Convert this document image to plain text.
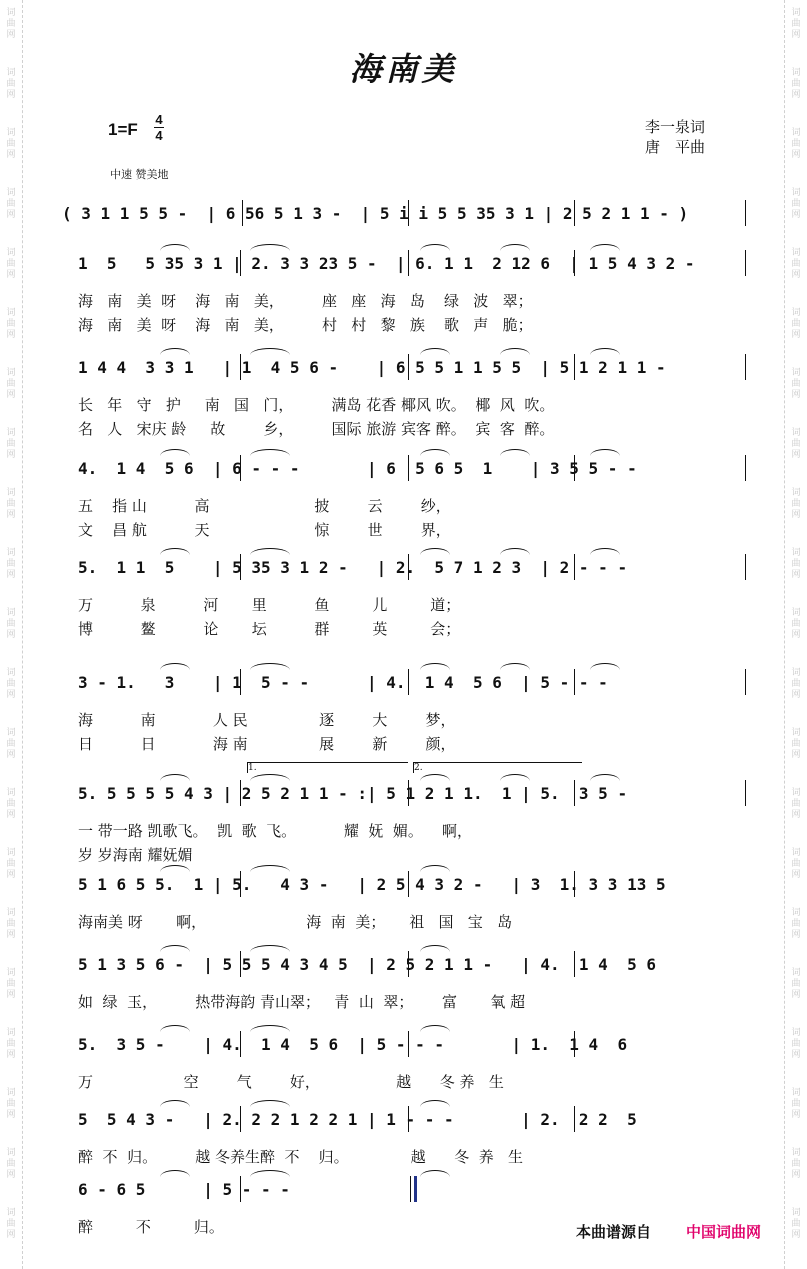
词
曲
网
词
曲
网
词
曲
网
词
曲
网
词
曲
网
词
曲
网
词
曲
网
词
曲
网
词
曲
网
词
曲
网
词
曲
网
词
曲
网
词
曲
网
词
曲
网
词
曲
网
词
曲
网
词
曲
网
词
曲
网
词
曲
网
词
曲
网
词
曲
网
词
曲
网
词
曲
网
词
曲
网
词
曲
网
词
曲
网
词
曲
网
词
曲
网
词
曲
网
词
曲
网
词
曲
网
词
曲
网
词
曲
网
词
曲
网
词
曲
网
词
曲
网
词
曲
网
词
曲
网
词
曲
网
词
曲
网
词
曲
网
词
曲
网
海南美
1=F
4
4	李一泉词
唐　平曲
中速 赞美地
( 3 1 1 5 5 -  | 6 56 5 1 3 -  | 5 i i 5 5 35 3 1 | 2 5 2 1 1 - )
1  5   5 35 3 1 | 2. 3 3 23 5 -  | 6. 1 1  2 12 6  | 1 5 4 3 2 -
海   南   美  呀    海   南   美，        座   座   海   岛    绿   波   翠；
海   南   美  呀    海   南   美，        村   村   黎   族    歌   声   脆；
1 4 4  3 3 1   | 1  4 5 6 -    | 6 5 5 1 1 5 5  | 5 1 2 1 1 -
长   年   守   护     南   国   门，        满岛 花香 椰风 吹。  椰  风  吹。
名   人   宋庆 龄     故        乡，        国际 旅游 宾客 醉。  宾  客  醉。
4.  1 4  5 6  | 6 - - -       | 6  5 6 5  1    | 3 5 5 - -
五    指 山          高                      披        云        纱，
文    昌 航          天                      惊        世        界，
5.  1 1  5    | 5 35 3 1 2 -   | 2.  5 7 1 2 3  | 2 - - -
万          泉          河       里          鱼         儿         道；
博          鳌          论       坛          群         英         会；
3 - 1.   3    | 1  5 - -      | 4.  1 4  5 6  | 5 - - -
海          南            人 民               逐        大        梦，
日          日            海 南               展        新        颜，
5. 5 5 5 5 4 3 | 2 5 2 1 1 - :| 5 1 2 1 1.  1 | 5.  3 5 -
一 带一路 凯歌飞。  凯  歌  飞。          耀  妩  媚。    啊，
岁 岁海南 耀妩媚
5 1 6 5 5.  1 | 5.   4 3 -   | 2 5 4 3 2 -   | 3  1. 3 3 13 5
海南美 呀       啊，                     海  南  美；     祖   国   宝   岛
5 1 3 5 6 -  | 5 5 5 4 3 4 5  | 2 5 2 1 1 -   | 4.  1 4  5 6
如  绿  玉，        热带海韵 青山翠；   青  山  翠；      富       氧 超
5.  3 5 -    | 4.  1 4  5 6  | 5 - - -       | 1.  1 4  6
万                   空        气        好，                越      冬 养   生
5  5 4 3 -   | 2. 2 2 1 2 2 1 | 1 - - -       | 2.  2 2  5
醉  不  归。        越 冬养生醉  不    归。             越      冬  养   生
6 - 6 5      | 5 - - -
醉         不         归。
1.	2.
本曲谱源自 中国词曲网
